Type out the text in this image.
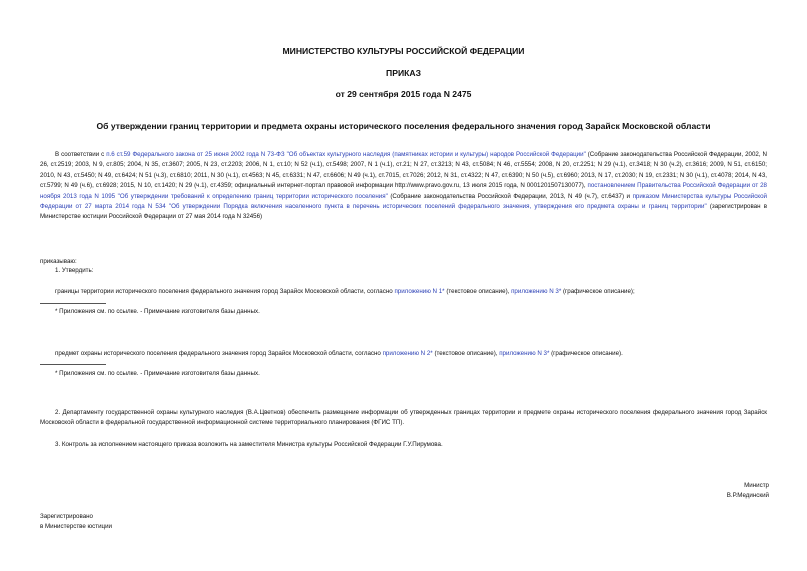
МИНИСТЕРСТВО КУЛЬТУРЫ РОССИЙСКОЙ ФЕДЕРАЦИИ
ПРИКАЗ
от 29 сентября 2015 года N 2475
Об утверждении границ территории и предмета охраны исторического поселения федерального значения город Зарайск Московской области

В соответствии с п.6 ст.59 Федерального закона от 25 июня 2002 года N 73-ФЗ "Об объектах культурного наследия (памятниках истории и культуры) народов Российской Федерации" (Собрание законодательства Российской Федерации, 2002, N 26, ст.2519; 2003, N 9, ст.805; 2004, N 35, ст.3607; 2005, N 23, ст.2203; 2006, N 1, ст.10; N 52 (ч.1), ст.5498; 2007, N 1 (ч.1), ст.21; N 27, ст.3213; N 43, ст.5084; N 46, ст.5554; 2008, N 20, ст.2251; N 29 (ч.1), ст.3418; N 30 (ч.2), ст.3616; 2009, N 51, ст.6150; 2010, N 43, ст.5450; N 49, ст.6424; N 51 (ч.3), ст.6810; 2011, N 30 (ч.1), ст.4563; N 45, ст.6331; N 47, ст.6606; N 49 (ч.1), ст.7015, ст.7026; 2012, N 31, ст.4322; N 47, ст.6390; N 50 (ч.5), ст.6960; 2013, N 17, ст.2030; N 19, ст.2331; N 30 (ч.1), ст.4078; 2014, N 43, ст.5799; N 49 (ч.6), ст.6928; 2015, N 10, ст.1420; N 29 (ч.1), ст.4359; официальный интернет-портал правовой информации http://www.pravo.gov.ru, 13 июля 2015 года, N 0001201507130077), постановлением Правительства Российской Федерации от 28 ноября 2013 года N 1095 "Об утверждении требований к определению границ территории исторического поселения" (Собрание законодательства Российской Федерации, 2013, N 49 (ч.7), ст.6437) и приказом Министерства культуры Российской Федерации от 27 марта 2014 года N 534 "Об утверждении Порядка включения населенного пункта в перечень исторических поселений федерального значения, утверждения его предмета охраны и границ территории" (зарегистрирован в Министерстве юстиции Российской Федерации от 27 мая 2014 года N 32456)

приказываю:
1. Утвердить:
границы территории исторического поселения федерального значения город Зарайск Московской области, согласно приложению N 1* (текстовое описание), приложению N 3* (графическое описание);
* Приложения см. по ссылке. - Примечание изготовителя базы данных.
предмет охраны исторического поселения федерального значения город Зарайск Московской области, согласно приложению N 2* (текстовое описание), приложению N 3* (графическое описание).
* Приложения см. по ссылке. - Примечание изготовителя базы данных.

2. Департаменту государственной охраны культурного наследия (В.А.Цветнов) обеспечить размещение информации об утвержденных границах территории и предмете охраны исторического поселения федерального значения город Зарайск Московской области в федеральной государственной информационной системе территориального планирования (ФГИС ТП).

3. Контроль за исполнением настоящего приказа возложить на заместителя Министра культуры Российской Федерации Г.У.Пирумова.
Министр
В.Р.Мединский
Зарегистрировано
в Министерстве юстиции
